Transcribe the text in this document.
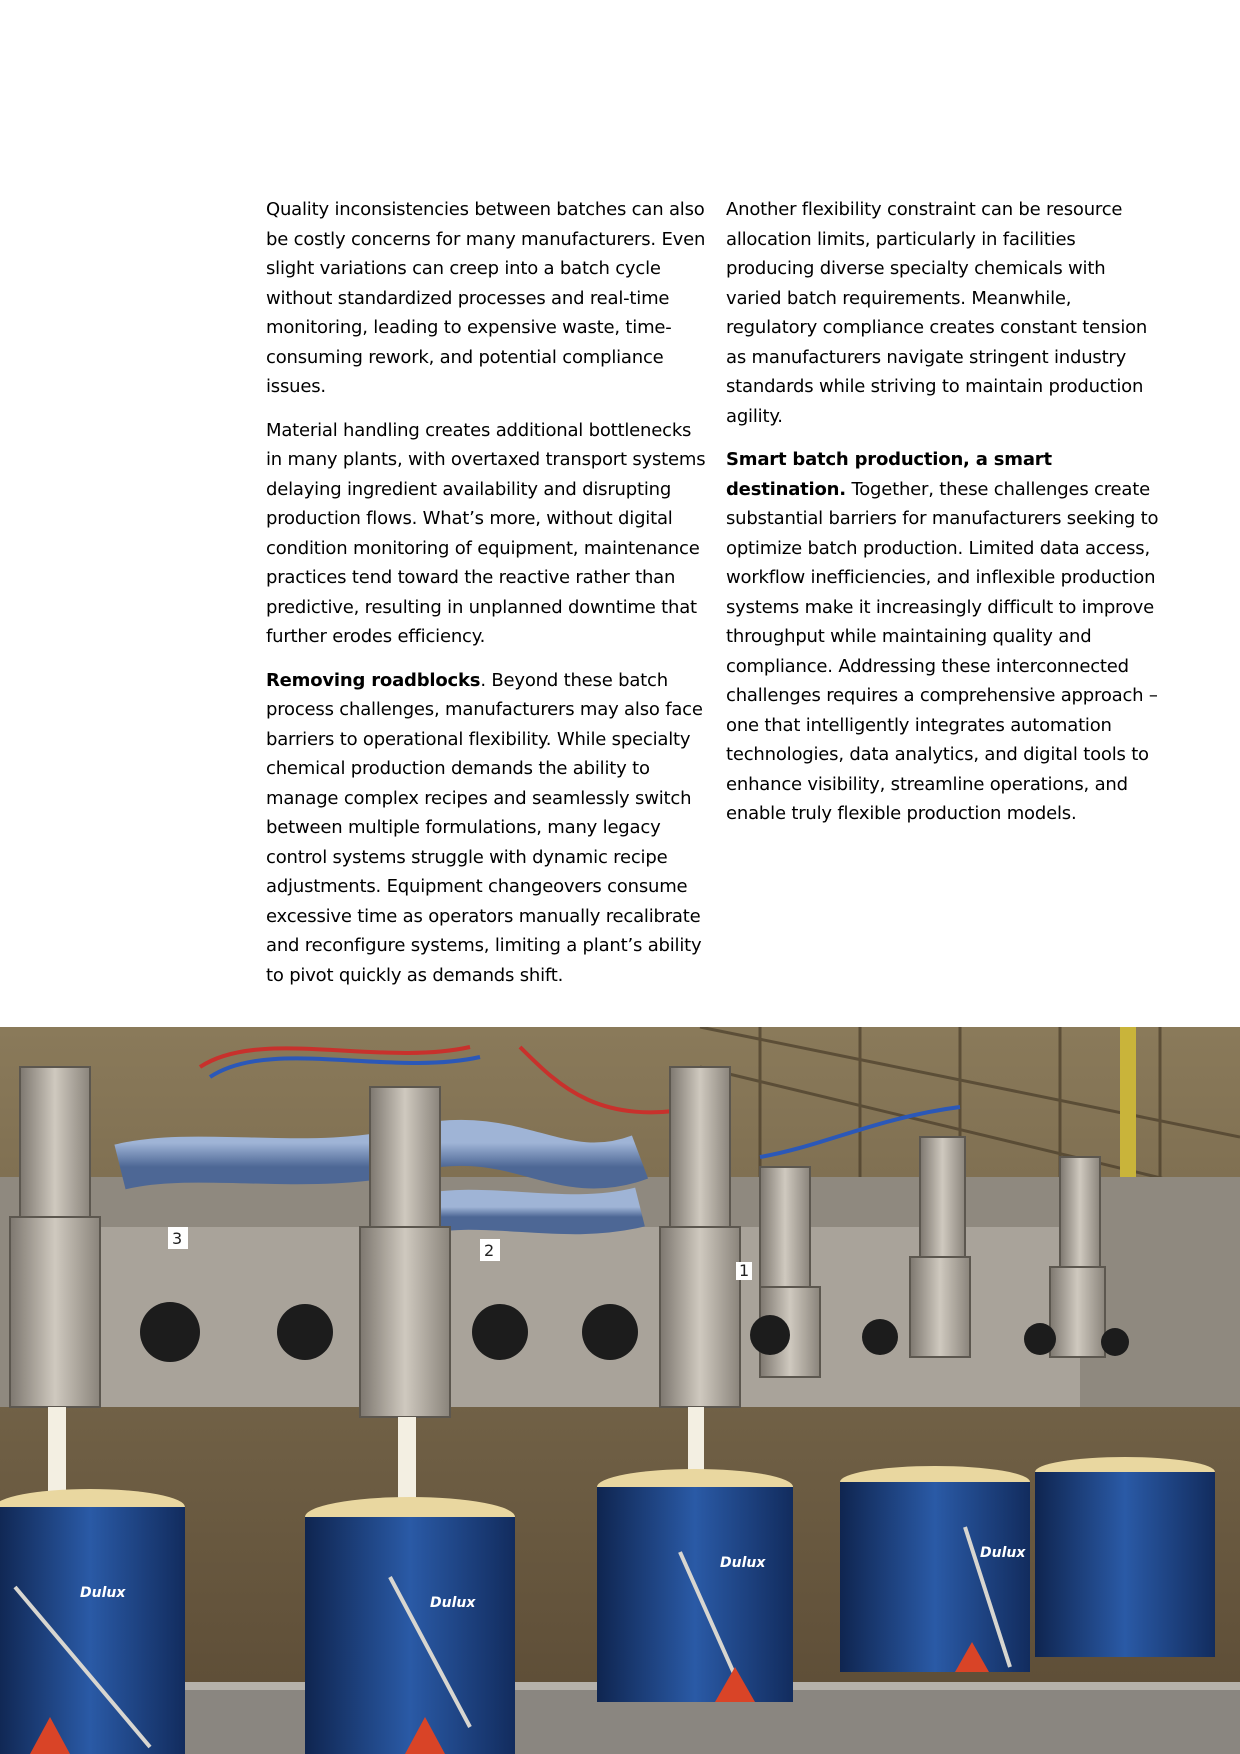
Quality inconsistencies between batches can also be costly concerns for many manufacturers. Even slight variations can creep into a batch cycle without standardized processes and real-time monitoring, leading to expensive waste, time-consuming rework, and potential compliance issues.

Material handling creates additional bottlenecks in many plants, with overtaxed transport systems delaying ingredient availability and disrupting production flows. What’s more, without digital condition monitoring of equipment, maintenance practices tend toward the reactive rather than predictive, resulting in unplanned downtime that further erodes efficiency.

Removing roadblocks. Beyond these batch process challenges, manufacturers may also face barriers to operational flexibility. While specialty chemical production demands the ability to manage complex recipes and seamlessly switch between multiple formulations, many legacy control systems struggle with dynamic recipe adjustments. Equipment changeovers consume excessive time as operators manually recalibrate and reconfigure systems, limiting a plant’s ability to pivot quickly as demands shift.

Another flexibility constraint can be resource allocation limits, particularly in facilities producing diverse specialty chemicals with varied batch requirements. Meanwhile, regulatory compliance creates constant tension as manufacturers navigate stringent industry standards while striving to maintain production agility.

Smart batch production, a smart destination. Together, these challenges create substantial barriers for manufacturers seeking to optimize batch production. Limited data access, workflow inefficiencies, and inflexible production systems make it increasingly difficult to improve throughput while maintaining quality and compliance. Addressing these interconnected challenges requires a comprehensive approach – one that intelligently integrates automation technologies, data analytics, and digital tools to enhance visibility, streamline operations, and enable truly flexible production models.

3
2
1
Dulux
Dulux
Dulux
Dulux
